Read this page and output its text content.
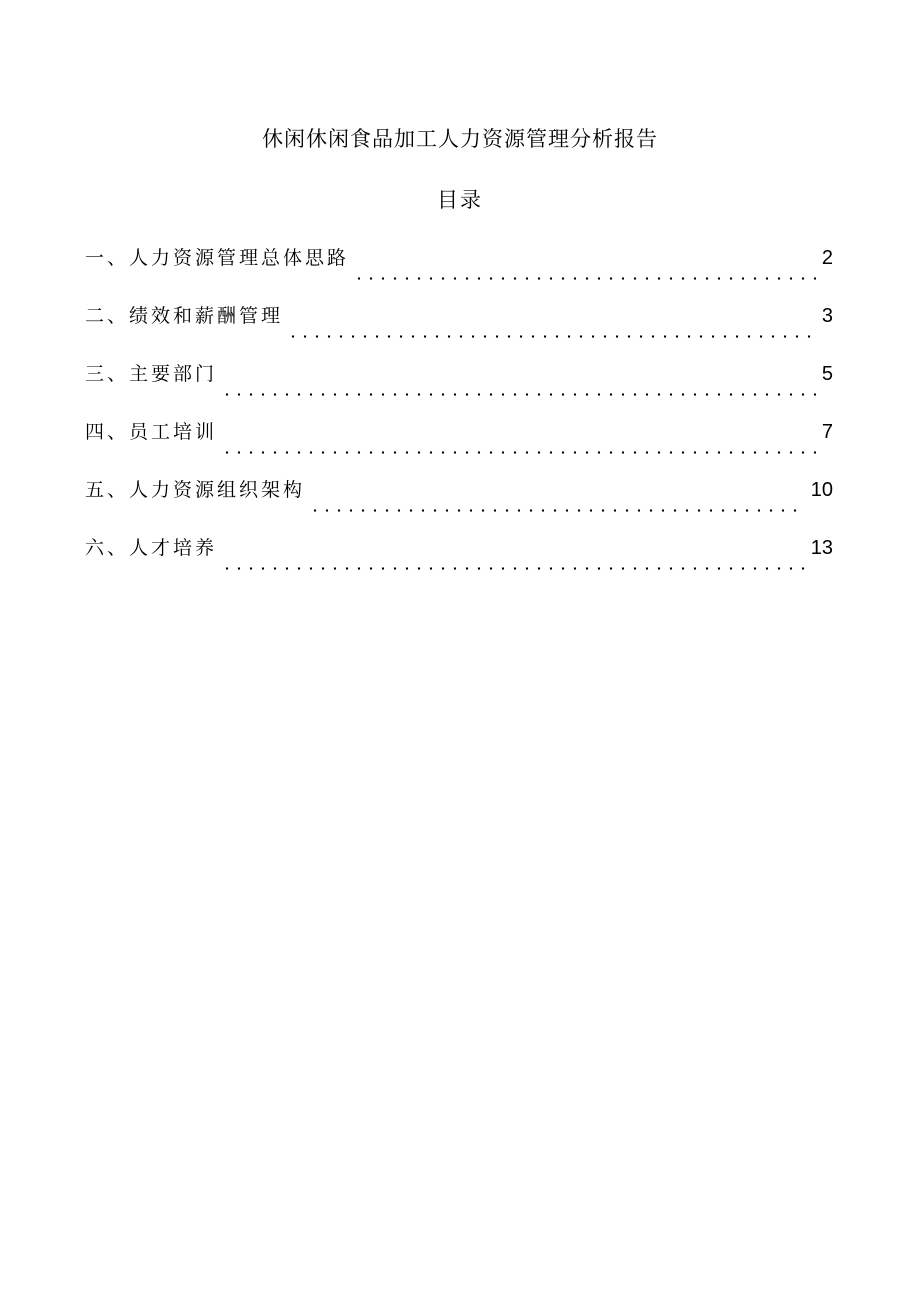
休闲休闲食品加工人力资源管理分析报告
目录
一、人力资源管理总体思路	2
二、绩效和薪酬管理	3
三、主要部门	5
四、员工培训	7
五、人力资源组织架构	10
六、人才培养	13
